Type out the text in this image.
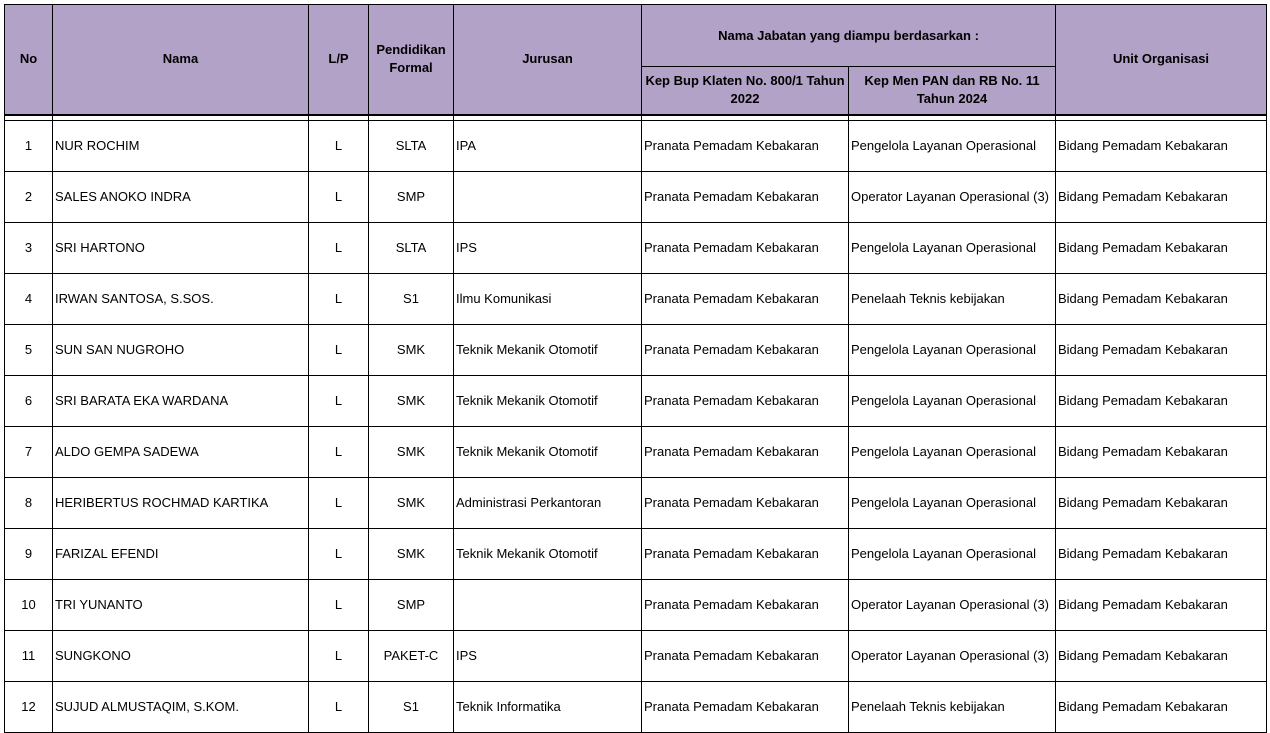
No	Nama	L/P	Pendidikan Formal	Jurusan	Nama Jabatan yang diampu berdasarkan :		Unit Organisasi
					Kep Bup Klaten No. 800/1 Tahun 2022	Kep Men PAN dan RB No. 11 Tahun 2024	

1	NUR ROCHIM	L	SLTA	IPA	Pranata Pemadam Kebakaran	Pengelola Layanan Operasional	Bidang Pemadam Kebakaran
2	SALES ANOKO INDRA	L	SMP		Pranata Pemadam Kebakaran	Operator Layanan Operasional (3)	Bidang Pemadam Kebakaran
3	SRI HARTONO	L	SLTA	IPS	Pranata Pemadam Kebakaran	Pengelola Layanan Operasional	Bidang Pemadam Kebakaran
4	IRWAN SANTOSA, S.SOS.	L	S1	Ilmu Komunikasi	Pranata Pemadam Kebakaran	Penelaah Teknis kebijakan	Bidang Pemadam Kebakaran
5	SUN SAN NUGROHO	L	SMK	Teknik Mekanik Otomotif	Pranata Pemadam Kebakaran	Pengelola Layanan Operasional	Bidang Pemadam Kebakaran
6	SRI BARATA EKA WARDANA	L	SMK	Teknik Mekanik Otomotif	Pranata Pemadam Kebakaran	Pengelola Layanan Operasional	Bidang Pemadam Kebakaran
7	ALDO GEMPA SADEWA	L	SMK	Teknik Mekanik Otomotif	Pranata Pemadam Kebakaran	Pengelola Layanan Operasional	Bidang Pemadam Kebakaran
8	HERIBERTUS ROCHMAD KARTIKA	L	SMK	Administrasi Perkantoran	Pranata Pemadam Kebakaran	Pengelola Layanan Operasional	Bidang Pemadam Kebakaran
9	FARIZAL EFENDI	L	SMK	Teknik Mekanik Otomotif	Pranata Pemadam Kebakaran	Pengelola Layanan Operasional	Bidang Pemadam Kebakaran
10	TRI YUNANTO	L	SMP		Pranata Pemadam Kebakaran	Operator Layanan Operasional (3)	Bidang Pemadam Kebakaran
11	SUNGKONO	L	PAKET-C	IPS	Pranata Pemadam Kebakaran	Operator Layanan Operasional (3)	Bidang Pemadam Kebakaran
12	SUJUD ALMUSTAQIM, S.KOM.	L	S1	Teknik Informatika	Pranata Pemadam Kebakaran	Penelaah Teknis kebijakan	Bidang Pemadam Kebakaran
